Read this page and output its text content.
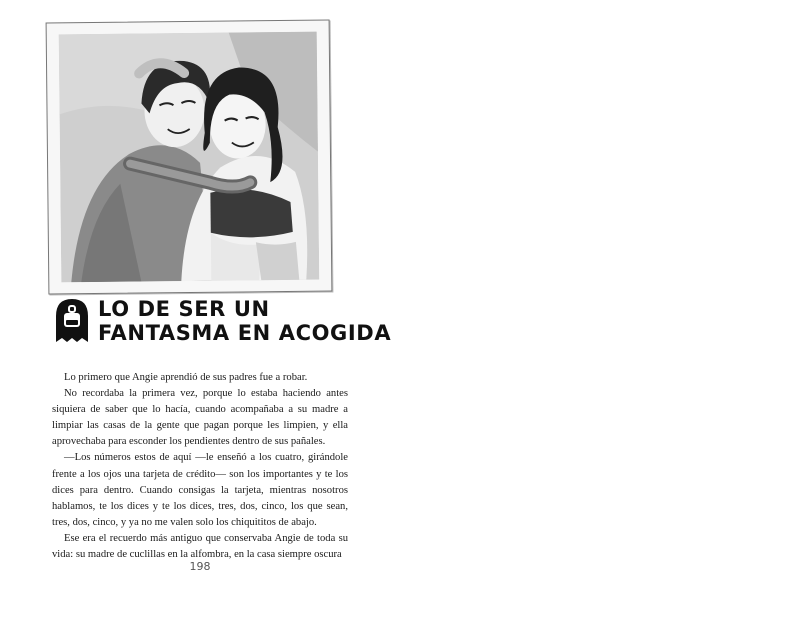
LO DE SER UN
FANTASMA EN ACOGIDA

Lo primero que Angie aprendió de sus padres fue a robar.

No recordaba la primera vez, porque lo estaba haciendo antes siquiera de saber que lo hacía, cuando acompañaba a su madre a limpiar las casas de la gente que pagan porque les limpien, y ella aprovechaba para esconder los pendientes dentro de sus pañales.

—Los números estos de aquí —le enseñó a los cuatro, girándole frente a los ojos una tarjeta de crédito— son los importantes y te los dices para dentro. Cuando consigas la tarjeta, mientras nosotros hablamos, te los dices y te los dices, tres, dos, cinco, los que sean, tres, dos, cinco, y ya no me valen solo los chiquititos de abajo.

Ese era el recuerdo más antiguo que conservaba Angie de toda su vida: su madre de cuclillas en la alfombra, en la casa siempre oscura

198
